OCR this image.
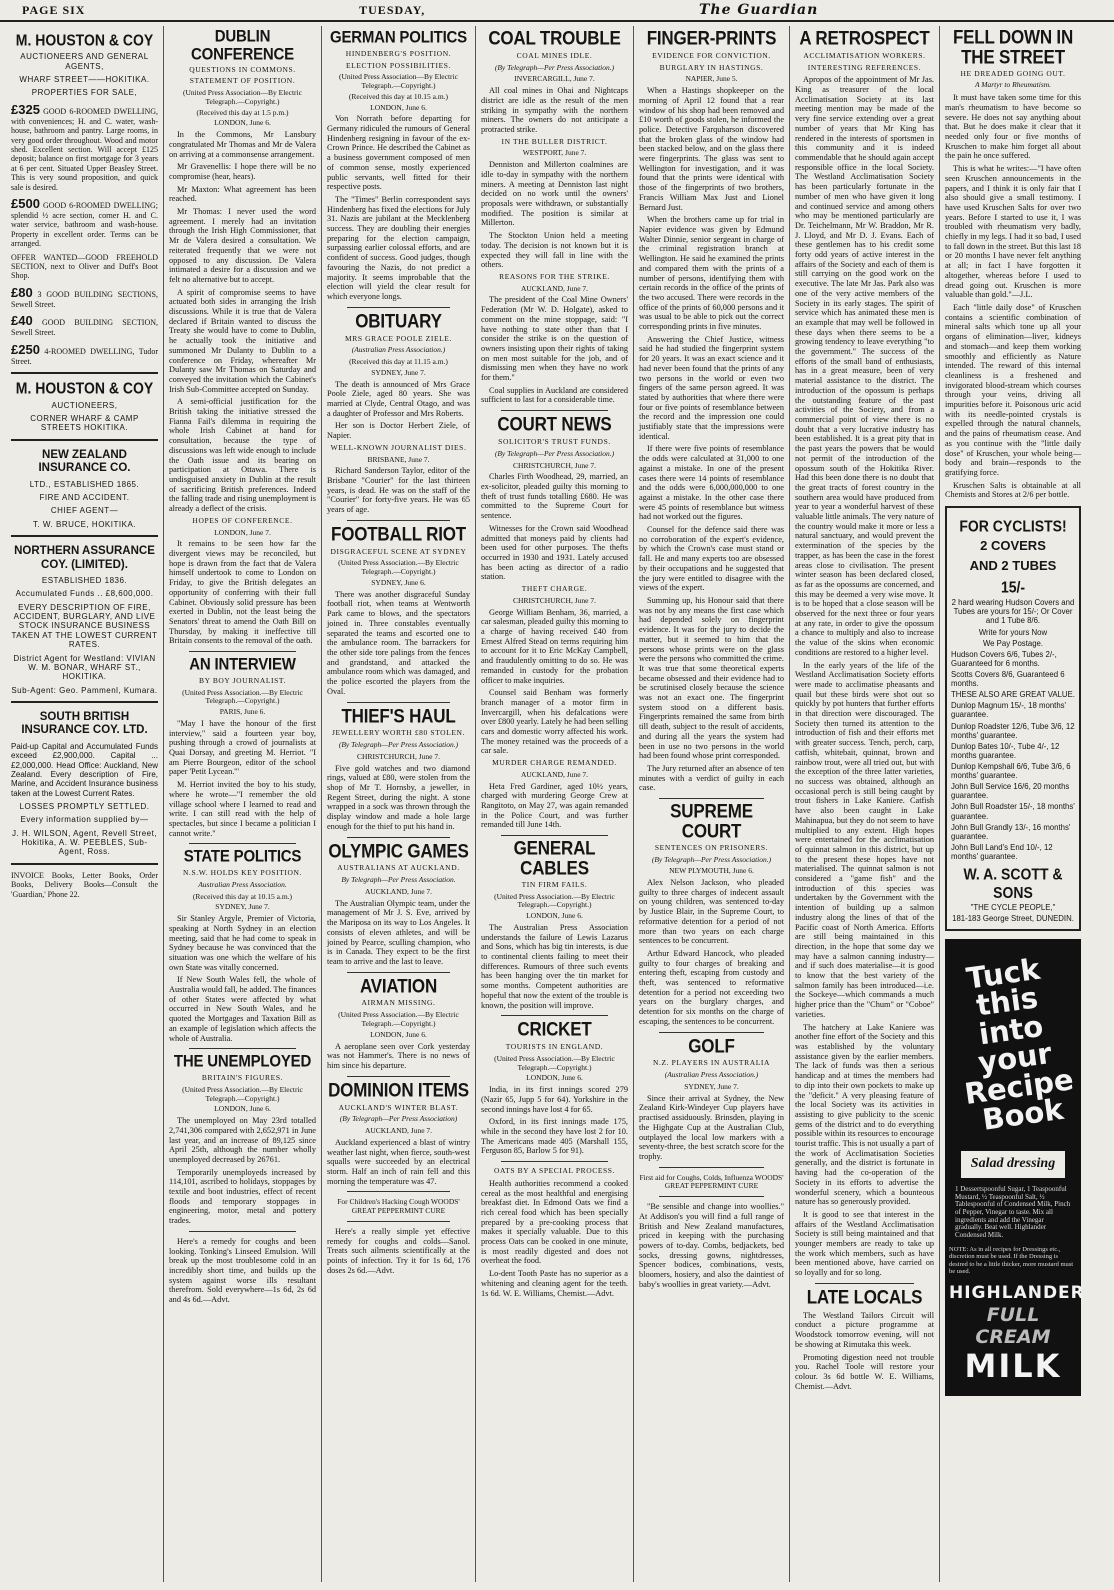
PAGE SIX	TUESDAY,	The Guardian
M. HOUSTON & COY
AUCTIONEERS AND GENERAL AGENTS,
WHARF STREET——HOKITIKA.
PROPERTIES FOR SALE,
£325 GOOD 6-ROOMED DWELLING, with conveniences; H. and C. water, wash-house, bathroom and pantry. Large rooms, in very good order throughout. Wood and motor shed. Excellent section. Will accept £125 deposit; balance on first mortgage for 3 years at 6 per cent. Situated Upper Beasley Street. This is very sound proposition, and quick sale is desired.
£500 GOOD 6-ROOMED DWELLING; splendid ½ acre section, corner H. and C. water service, bathroom and wash-house. Property in excellent order. Terms can be arranged.
OFFER WANTED—GOOD FREEHOLD SECTION, next to Oliver and Duff's Boot Shop.
£80 3 GOOD BUILDING SECTIONS, Sewell Street.
£40 GOOD BUILDING SECTION, Sewell Street.
£250 4-ROOMED DWELLING, Tudor Street.
M. HOUSTON & COY
AUCTIONEERS,
CORNER WHARF & CAMP STREETS HOKITIKA.
NEW ZEALAND INSURANCE CO.
LTD., ESTABLISHED 1865.
FIRE AND ACCIDENT.
CHIEF AGENT—
T. W. BRUCE, HOKITIKA.
NORTHERN ASSURANCE COY. (LIMITED).
ESTABLISHED 1836.
Accumulated Funds .. £8,600,000.
EVERY DESCRIPTION OF FIRE, ACCIDENT, BURGLARY, AND LIVE STOCK INSURANCE BUSINESS TAKEN AT THE LOWEST CURRENT RATES.
District Agent for Westland: VIVIAN W. M. BONAR, WHARF ST., HOKITIKA.
Sub-Agent: Geo. Pammenl, Kumara.
SOUTH BRITISH INSURANCE COY. LTD.
Paid-up Capital and Accumulated Funds exceed £2,900,000. Capital ... £2,000,000. Head Office: Auckland, New Zealand. Every description of Fire, Marine, and Accident Insurance business taken at the Lowest Current Rates.
LOSSES PROMPTLY SETTLED.
Every information supplied by—
J. H. WILSON, Agent, Revell Street, Hokitika, A. W. PEEBLES, Sub-Agent, Ross.
INVOICE Books, Letter Books, Order Books, Delivery Books—Consult the 'Guardian,' Phone 22.
DUBLIN CONFERENCE
QUESTIONS IN COMMONS.
STATEMENT OF POSITION.
(United Press Association—By Electric Telegraph.—Copyright.)
(Received this day at 1.5 p.m.)
LONDON, June 6.

In the Commons, Mr Lansbury congratulated Mr Thomas and Mr de Valera on arriving at a commonsense arrangement.

Mr Gravenellis: I hope there will be no compromise (hear, hears).

Mr Maxton: What agreement has been reached.

Mr Thomas: I never used the word agreement. I merely had an invitation through the Irish High Commissioner, that Mr de Valera desired a consultation. We reiterated frequently that we were not opposed to any discussion. De Valera intimated a desire for a discussion and we felt no alternative but to accept.

A spirit of compromise seems to have actuated both sides in arranging the Irish discussions. While it is true that de Valera declared if Britain wanted to discuss the Treaty she would have to come to Dublin, he actually took the initiative and summoned Mr Dulanty to Dublin to a conference on Friday, whereafter Mr Dulanty saw Mr Thomas on Saturday and conveyed the invitation which the Cabinet's Irish Sub-Committee accepted on Sunday.

A semi-official justification for the British taking the initiative stressed the Fianna Fail's dilemma in requiring the whole Irish Cabinet at hand for consultation, because the type of discussions was left wide enough to include the Oath issue and its bearing on participation at Ottawa. There is undisguised anxiety in Dublin at the result of sacrificing British preferences. Indeed the falling trade and rising unemployment is already a deflect of the crisis.

HOPES OF CONFERENCE.
LONDON, June 7.

It remains to be seen how far the divergent views may be reconciled, but hope is drawn from the fact that de Valera himself undertook to come to London on Friday, to give the British delegates an opportunity of conferring with their full Cabinet. Obviously solid pressure has been exerted in Dublin, not the least being the Senators' threat to amend the Oath Bill on Thursday, by making it ineffective till Britain consents to the removal of the oath.

AN INTERVIEW
BY BOY JOURNALIST.
(United Press Association.—By Electric Telegraph.—Copyright.)
PARIS, June 6.

"May I have the honour of the first interview," said a fourteen year boy, pushing through a crowd of journalists at Quai Dorsay, and greeting M. Herriot. "I am Pierre Bourgeon, editor of the school paper 'Petit Lycean.'"

M. Herriot invited the boy to his study, where he wrote—"I remember the old village school where I learned to read and write. I can still read with the help of spectacles, but since I became a politician I cannot write."

STATE POLITICS
N.S.W. HOLDS KEY POSITION.
Australian Press Association.
(Received this day at 10.15 a.m.)
SYDNEY, June 7.

Sir Stanley Argyle, Premier of Victoria, speaking at North Sydney in an election meeting, said that he had come to speak in Sydney because he was convinced that the situation was one which the welfare of his own State was vitally concerned.

If New South Wales fell, the whole of Australia would fall, he added. The finances of other States were affected by what occurred in New South Wales, and he quoted the Mortgages and Taxation Bill as an example of legislation which affects the whole of Australia.

THE UNEMPLOYED
BRITAIN'S FIGURES.
(United Press Association.—By Electric Telegraph.—Copyright.)
LONDON, June 6.

The unemployed on May 23rd totalled 2,741,306 compared with 2,652,971 in June last year, and an increase of 89,125 since April 25th, although the number wholly unemployed decreased by 26761.

Temporarily unemployeds increased by 114,101, ascribed to holidays, stoppages by textile and boot industries, effect of recent floods and temporary stoppages in engineering, motor, metal and pottery trades.

Here's a remedy for coughs and been looking. Tonking's Linseed Emulsion. Will break up the most troublesome cold in an incredibly short time, and builds up the system against worse ills resultant therefrom. Sold everywhere—1s 6d, 2s 6d and 4s 6d.—Advt.

GERMAN POLITICS
HINDENBERG'S POSITION.
ELECTION POSSIBILITIES.
(United Press Association—By Electric Telegraph.—Copyright.)
(Received this day at 10.15 a.m.)
LONDON, June 6.

Von Norrath before departing for Germany ridiculed the rumours of General Hindenberg resigning in favour of the ex-Crown Prince. He described the Cabinet as a business government composed of men of common sense, mostly experienced public servants, well fitted for their respective posts.

The "Times" Berlin correspondent says Hindenberg has fixed the elections for July 31. Nazis are jubilant at the Mecklenberg success. They are doubling their energies preparing for the election campaign, surpassing earlier colossal efforts, and are confident of success. Good judges, though favouring the Nazis, do not predict a majority. It seems improbable that the election will yield the clear result for which everyone longs.

OBITUARY
MRS GRACE POOLE ZIELE.
(Australian Press Association.)
(Received this day at 11.15 a.m.)
SYDNEY, June 7.

The death is announced of Mrs Grace Poole Ziele, aged 80 years. She was married at Clyde, Central Otago, and was a daughter of Professor and Mrs Roberts.

Her son is Doctor Herbert Ziele, of Napier.

WELL-KNOWN JOURNALIST DIES.
BRISBANE, June 7.

Richard Sanderson Taylor, editor of the Brisbane "Courier" for the last thirteen years, is dead. He was on the staff of the "Courier" for forty-five years. He was 65 years of age.

FOOTBALL RIOT
DISGRACEFUL SCENE AT SYDNEY
(United Press Association.—By Electric Telegraph.—Copyright.)
SYDNEY, June 6.

There was another disgraceful Sunday football riot, when teams at Wentworth Park came to blows, and the spectators joined in. Three constables eventually separated the teams and escorted one to the ambulance room. The barrackers for the other side tore palings from the fences and grandstand, and attacked the ambulance room which was damaged, and the police escorted the players from the Oval.

THIEF'S HAUL
JEWELLERY WORTH £80 STOLEN.
(By Telegraph—Per Press Association.)
CHRISTCHURCH, June 7.

Five gold watches and two diamond rings, valued at £80, were stolen from the shop of Mr T. Hornsby, a jeweller, in Regent Street, during the night. A stone wrapped in a sock was thrown through the display window and made a hole large enough for the thief to put his hand in.

OLYMPIC GAMES
AUSTRALIANS AT AUCKLAND.
By Telegraph—Per Press Association.
AUCKLAND, June 7.

The Australian Olympic team, under the management of Mr J. S. Eve, arrived by the Mariposa on its way to Los Angeles. It consists of eleven athletes, and will be joined by Pearce, sculling champion, who is in Canada. They expect to be the first team to arrive and the last to leave.

AVIATION
AIRMAN MISSING.
(United Press Association.—By Electric Telegraph.—Copyright.)
LONDON, June 6.

A aeroplane seen over Cork yesterday was not Hammer's. There is no news of him since his departure.

DOMINION ITEMS
AUCKLAND'S WINTER BLAST.
(By Telegraph—Per Press Association)
AUCKLAND, June 7.

Auckland experienced a blast of wintry weather last night, when fierce, south-west squalls were succeeded by an electrical storm. Half an inch of rain fell and this morning the temperature was 47.

For Children's Hacking Cough WOODS' GREAT PEPPERMINT CURE

Here's a really simple yet effective remedy for coughs and colds—Sanol. Treats such ailments scientifically at the points of infection. Try it for 1s 6d, 176 doses 2s 6d.—Advt.

COAL TROUBLE
COAL MINES IDLE.
(By Telegraph—Per Press Association.)
INVERCARGILL, June 7.

All coal mines in Ohai and Nightcaps district are idle as the result of the men striking in sympathy with the northern miners. The owners do not anticipate a protracted strike.

IN THE BULLER DISTRICT.
WESTPORT, June 7.

Denniston and Millerton coalmines are idle to-day in sympathy with the northern miners. A meeting at Denniston last night decided on no work until the owners' proposals were withdrawn, or substantially modified. The position is similar at Millerton.

The Stockton Union held a meeting today. The decision is not known but it is expected they will fall in line with the others.

REASONS FOR THE STRIKE.
AUCKLAND, June 7.

The president of the Coal Mine Owners' Federation (Mr W. D. Holgate), asked to comment on the mine stoppage, said: "I have nothing to state other than that I consider the strike is on the question of owners insisting upon their rights of taking on men most suitable for the job, and of dismissing men when they have no work for them."

Coal supplies in Auckland are considered sufficient to last for a considerable time.

COURT NEWS
SOLICITOR'S TRUST FUNDS.
(By Telegraph—Per Press Association.)
CHRISTCHURCH, June 7.

Charles Firth Woodhead, 29, married, an ex-solicitor, pleaded guilty this morning to theft of trust funds totalling £680. He was committed to the Supreme Court for sentence.

Witnesses for the Crown said Woodhead admitted that moneys paid by clients had been used for other purposes. The thefts occurred in 1930 and 1931. Lately accused has been acting as director of a radio station.

THEFT CHARGE.
CHRISTCHURCH, June 7.

George William Benham, 36, married, a car salesman, pleaded guilty this morning to a charge of having received £40 from Ernest Alfred Stead on terms requiring him to account for it to Eric McKay Campbell, and fraudulently omitting to do so. He was remanded in custody for the probation officer to make inquiries.

Counsel said Benham was formerly branch manager of a motor firm in Invercargill, when his defalcations were over £800 yearly. Lately he had been selling cars and domestic worry affected his work. The money retained was the proceeds of a car sale.

MURDER CHARGE REMANDED.
AUCKLAND, June 7.

Heta Fred Gardiner, aged 10½ years, charged with murdering George Crew at Rangitoto, on May 27, was again remanded in the Police Court, and was further remanded till June 14th.

GENERAL CABLES
TIN FIRM FAILS.
(United Press Association.—By Electric Telegraph.—Copyright.)
LONDON, June 6.

The Australian Press Association understands the failure of Lewis Lazarus and Sons, which has big tin interests, is due to continental clients failing to meet their differences. Rumours of three such events has been hanging over the tin market for some months. Competent authorities are hopeful that now the extent of the trouble is known, the position will improve.

CRICKET
TOURISTS IN ENGLAND.
(United Press Association.—By Electric Telegraph.—Copyright.)
LONDON, June 6.

India, in its first innings scored 279 (Nazir 65, Jupp 5 for 64). Yorkshire in the second innings have lost 4 for 65.

Oxford, in its first innings made 175, while in the second they have lost 2 for 10. The Americans made 405 (Marshall 155, Ferguson 85, Barlow 5 for 91).

OATS BY A SPECIAL PROCESS.

Health authorities recommend a cooked cereal as the most healthful and energising breakfast diet. In Edmond Oats we find a rich cereal food which has been specially prepared by a pre-cooking process that makes it specially valuable. Due to this process Oats can be cooked in one minute, is most readily digested and does not overheat the food.

Lo-dent Tooth Paste has no superior as a whitening and cleaning agent for the teeth. 1s 6d. W. E. Williams, Chemist.—Advt.

FINGER-PRINTS
EVIDENCE FOR CONVICTION.
BURGLARY IN HASTINGS.
NAPIER, June 5.

When a Hastings shopkeeper on the morning of April 12 found that a rear window of his shop had been removed and £10 worth of goods stolen, he informed the police. Detective Farquharson discovered that the broken glass of the window had been stacked below, and on the glass there were fingerprints. The glass was sent to Wellington for investigation, and it was found that the prints were identical with those of the fingerprints of two brothers, Francis William Max Just and Lionel Bernard Just.

When the brothers came up for trial in Napier evidence was given by Edmund Walter Dinnie, senior sergeant in charge of the criminal registration branch at Wellington. He said he examined the prints and compared them with the prints of a number of persons, identifying them with certain records in the office of the prints of the two accused. There were records in the office of the prints of 60,000 persons and it was usual to be able to pick out the correct corresponding prints in five minutes.

Answering the Chief Justice, witness said he had studied the fingerprint system for 20 years. It was an exact science and it had never been found that the prints of any two persons in the world or even two fingers of the same person agreed. It was stated by authorities that where there were four or five points of resemblance between the record and the impression one could justifiably state that the impressions were identical.

If there were five points of resemblance the odds were calculated at 31,000 to one against a mistake. In one of the present cases there were 14 points of resemblance and the odds were 6,000,000,000 to one against a mistake. In the other case there were 45 points of resemblance but witness had not worked out the figures.

Counsel for the defence said there was no corroboration of the expert's evidence, by which the Crown's case must stand or fall. He and many experts too are obsessed by their occupations and he suggested that the jury were entitled to disagree with the views of the expert.

Summing up, his Honour said that there was not by any means the first case which had depended solely on fingerprint evidence. It was for the jury to decide the matter, but it seemed to him that the persons whose prints were on the glass were the persons who committed the crime. It was true that some theoretical experts became obsessed and their evidence had to be scrutinised closely because the science was not an exact one. The fingerprint system stood on a different basis. Fingerprints remained the same from birth till death, subject to the result of accidents, and during all the years the system had been in use no two persons in the world had been found whose print corresponded.

The Jury returned after an absence of ten minutes with a verdict of guilty in each case.

SUPREME COURT
SENTENCES ON PRISONERS.
(By Telegraph—Per Press Association.)
NEW PLYMOUTH, June 6.

Alex Nelson Jackson, who pleaded guilty to three charges of indecent assault on young children, was sentenced to-day by Justice Blair, in the Supreme Court, to reformative detention for a period of not more than two years on each charge sentences to be concurrent.

Arthur Edward Hancock, who pleaded guilty to four charges of breaking and entering theft, escaping from custody and theft, was sentenced to reformative detention for a period not exceeding two years on the burglary charges, and detention for six months on the charge of escaping, the sentences to be concurrent.

GOLF
N.Z. PLAYERS IN AUSTRALIA
(Australian Press Association.)
SYDNEY, June 7.

Since their arrival at Sydney, the New Zealand Kirk-Windeyer Cup players have practised assiduously. Brinsden, playing in the Highgate Cup at the Australian Club, outplayed the local low markers with a seventy-three, the best scratch score for the trophy.

First aid for Coughs, Colds, Influenza WOODS' GREAT PEPPERMINT CURE

"Be sensible and change into woollies." At Addison's you will find a full range of British and New Zealand manufactures, priced in keeping with the purchasing powers of to-day. Combs, bedjackets, bed socks, dressing gowns, nightdresses, Spencer bodices, combinations, vests, bloomers, hosiery, and also the daintiest of baby's woollies in great variety.—Advt.

A RETROSPECT
ACCLIMATISATION WORKERS.
INTERESTING REFERENCES.

Apropos of the appointment of Mr Jas. King as treasurer of the local Acclimatisation Society at its last meeting mention may be made of the very fine service extending over a great number of years that Mr King has rendered in the interests of sportsmen in this community and it is indeed commendable that he should again accept responsible office in the local Society. The Westland Acclimatisation Society has been particularly fortunate in the number of men who have given it long and continued service and among others who may be mentioned particularly are Dr. Teichelmann, Mr W. Braddon, Mr R. J. Lloyd, and Mr D. J. Evans. Each of these gentlemen has to his credit some forty odd years of active interest in the affairs of the Society and each of them is still carrying on the good work on the executive. The late Mr Jas. Park also was one of the very active members of the Society in its early stages. The spirit of service which has animated these men is an example that may well be followed in these days when there seems to be a growing tendency to leave everything "to the government." The success of the efforts of the small band of enthusiasts, has in a great measure, been of very material assistance to the district. The introduction of the opossum is perhaps the outstanding feature of the past activities of the Society, and from a commercial point of view there is no doubt that a very lucrative industry has been established. It is a great pity that in the past years the powers that be would not permit of the introduction of the opossum south of the Hokitika River. Had this been done there is no doubt that the great tracts of forest country in the southern area would have produced from year to year a wonderful harvest of these valuable little animals. The very nature of the country would make it more or less a natural sanctuary, and would prevent the extermination of the species by the trapper, as has been the case in the forest areas close to civilisation. The present winter season has been declared closed, as far as the opossums are concerned, and this may be deemed a very wise move. It is to be hoped that a close season will be observed for the next three or four years at any rate, in order to give the opossum a chance to multiply and also to increase the value of the skins when economic conditions are restored to a higher level.

In the early years of the life of the Westland Acclimatisation Society efforts were made to acclimatise pheasants and quail but these birds were shot out so quickly by pot hunters that further efforts in that direction were discouraged. The Society then turned its attention to the introduction of fish and their efforts met with greater success. Tench, perch, carp, catfish, whitebait, quinnat, brown and rainbow trout, were all tried out, but with the exception of the three latter varieties, no success was obtained, although an occasional perch is still being caught by trout fishers in Lake Kaniere. Catfish have also been caught in Lake Mahinapua, but they do not seem to have multiplied to any extent. High hopes were entertained for the acclimatisation of quinnat salmon in this district, but up to the present these hopes have not materialised. The quinnat salmon is not considered a "game fish" and the introduction of this species was undertaken by the Government with the intention of building up a salmon industry along the lines of that of the Pacific coast of North America. Efforts are still being maintained in this direction, in the hope that some day we may have a salmon canning industry—and if such does materialise—it is good to know that the best variety of the salmon family has been introduced—i.e. the Sockeye—which commands a much higher price than the "Chum" or "Coboe" varieties.

The hatchery at Lake Kaniere was another fine effort of the Society and this was established by the voluntary assistance given by the earlier members. The lack of funds was then a serious handicap and at times the members had to dip into their own pockets to make up the "deficit." A very pleasing feature of the local Society was its activities in assisting to give publicity to the scenic gems of the district and to do everything possible within its resources to encourage tourist traffic. This is not usually a part of the work of Acclimatisation Societies generally, and the district is fortunate in having had the co-operation of the Society in its efforts to advertise the wonderful scenery, which a bounteous nature has so generously provided.

It is good to see that interest in the affairs of the Westland Acclimatisation Society is still being maintained and that younger members are ready to take up the work which members, such as have been mentioned above, have carried on so loyally and for so long.

LATE LOCALS

The Westland Tailors Circuit will conduct a picture programme at Woodstock tomorrow evening, will not be showing at Rimutaka this week.

Promoting digestion need not trouble you. Rachel Toole will restore your colour. 3s 6d bottle W. E. Williams, Chemist.—Advt.

FELL DOWN IN THE STREET
HE DREADED GOING OUT.
A Martyr to Rheumatism.

It must have taken some time for this man's rheumatism to have become so severe. He does not say anything about that. But he does make it clear that it needed only four or five months of Kruschen to make him forget all about the pain he once suffered.

This is what he writes:—"I have often seen Kruschen announcements in the papers, and I think it is only fair that I also should give a small testimony. I have used Kruschen Salts for over two years. Before I started to use it, I was troubled with rheumatism very badly, chiefly in my legs. I had it so bad, I used to fall down in the street. But this last 18 or 20 months I have never felt anything at all; in fact I have forgotten it altogether, whereas before I used to dread going out. Kruschen is more valuable than gold."—J.L.

Each "little daily dose" of Kruschen contains a scientific combination of mineral salts which tone up all your organs of elimination—liver, kidneys and stomach—and keep them working smoothly and efficiently as Nature intended. The reward of this internal cleanliness is a freshened and invigorated blood-stream which courses through your veins, driving all impurities before it. Poisonous uric acid with its needle-pointed crystals is expelled through the natural channels, and the pains of rheumatism cease. And as you continue with the "little daily dose" of Kruschen, your whole being—body and brain—responds to the gratifying force.

Kruschen Salts is obtainable at all Chemists and Stores at 2/6 per bottle.

FOR CYCLISTS!
2 COVERS
AND 2 TUBES
15/-
2 hard wearing Hudson Covers and Tubes are yours for 15/-; Or Cover and 1 Tube 8/6.
Write for yours Now
We Pay Postage.
Hudson Covers 6/6, Tubes 2/-, Guaranteed for 6 months.
Scotts Covers 8/6, Guaranteed 6 months.
THESE ALSO ARE GREAT VALUE.
Dunlop Magnum 15/-, 18 months' guarantee.
Dunlop Roadster 12/6, Tube 3/6, 12 months' guarantee.
Dunlop Bates 10/-, Tube 4/-, 12 months guarantee.
Dunlop Kempshall 6/6, Tube 3/6, 6 months' guarantee.
John Bull Service 16/6, 20 months guarantee.
John Bull Roadster 15/-, 18 months' guarantee.
John Bull Grandly 13/-, 16 months' guarantee.
John Bull Land's End 10/-, 12 months' guarantee.
W. A. SCOTT & SONS
"THE CYCLE PEOPLE,"
181-183 George Street, DUNEDIN.
Tuck this into your Recipe Book
Salad dressing
1 Dessertspoonful Sugar, 1 Teaspoonful Mustard, ½ Teaspoonful Salt, ½ Tablespoonful of Condensed Milk, Pinch of Pepper, Vinegar to taste. Mix all ingredients and add the Vinegar gradually. Beat well. Highlander Condensed Milk.
NOTE: As in all recipes for Dressings etc., discretion must be used. If the Dressing is desired to be a little thicker, more mustard must be used.
HIGHLANDER
FULL CREAM
MILK
